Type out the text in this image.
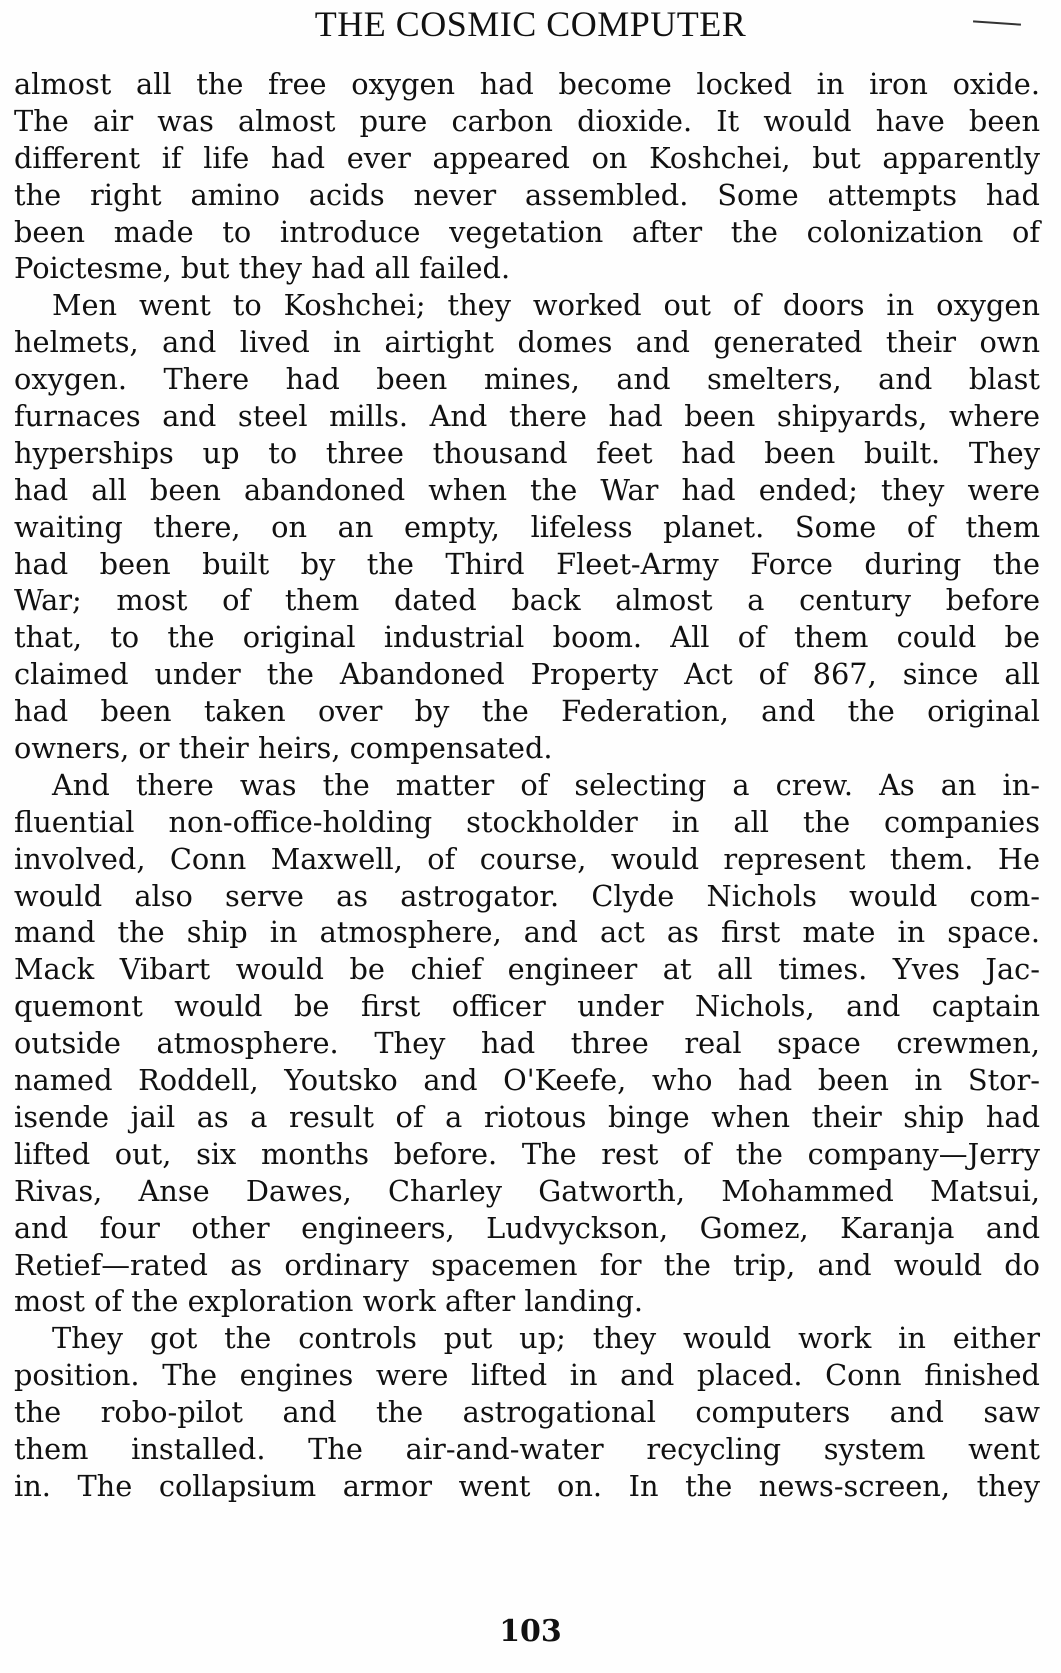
THE COSMIC COMPUTER

almost all the free oxygen had become locked in iron oxide.
The air was almost pure carbon dioxide. It would have been
different if life had ever appeared on Koshchei, but apparently
the right amino acids never assembled. Some attempts had
been made to introduce vegetation after the colonization of
Poictesme, but they had all failed.

Men went to Koshchei; they worked out of doors in oxygen
helmets, and lived in airtight domes and generated their own
oxygen. There had been mines, and smelters, and blast
furnaces and steel mills. And there had been shipyards, where
hyperships up to three thousand feet had been built. They
had all been abandoned when the War had ended; they were
waiting there, on an empty, lifeless planet. Some of them
had been built by the Third Fleet-Army Force during the
War; most of them dated back almost a century before
that, to the original industrial boom. All of them could be
claimed under the Abandoned Property Act of 867, since all
had been taken over by the Federation, and the original
owners, or their heirs, compensated.

And there was the matter of selecting a crew. As an in-
fluential non-office-holding stockholder in all the companies
involved, Conn Maxwell, of course, would represent them. He
would also serve as astrogator. Clyde Nichols would com-
mand the ship in atmosphere, and act as first mate in space.
Mack Vibart would be chief engineer at all times. Yves Jac-
quemont would be first officer under Nichols, and captain
outside atmosphere. They had three real space crewmen,
named Roddell, Youtsko and O'Keefe, who had been in Stor-
isende jail as a result of a riotous binge when their ship had
lifted out, six months before. The rest of the company—Jerry
Rivas, Anse Dawes, Charley Gatworth, Mohammed Matsui,
and four other engineers, Ludvyckson, Gomez, Karanja and
Retief—rated as ordinary spacemen for the trip, and would do
most of the exploration work after landing.

They got the controls put up; they would work in either
position. The engines were lifted in and placed. Conn finished
the robo-pilot and the astrogational computers and saw
them installed. The air-and-water recycling system went
in. The collapsium armor went on. In the news-screen, they

103
